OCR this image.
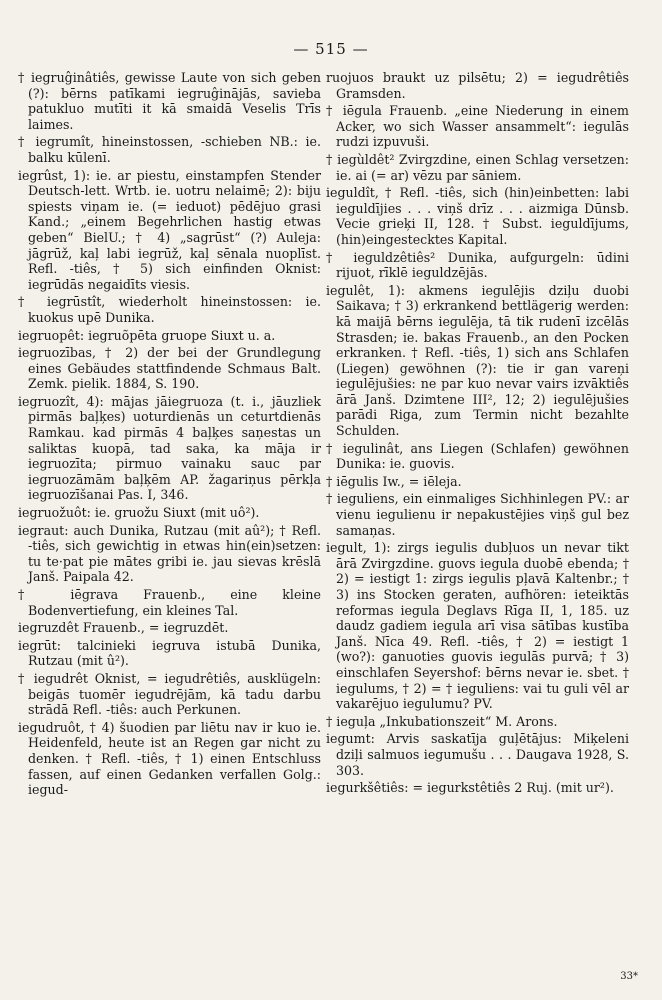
— 515 —

† iegruĝinâtiês, gewisse Laute von sich geben (?): bērns patīkami iegruĝinājās, savieba patukluo mutīti it kā smaidā Veselis Trīs laimes.

† iegrumît, hineinstossen, -schieben NB.: ie. balku kūlenī.

iegrûst, 1): ie. ar piestu, einstampfen Stender Deutsch-lett. Wrtb. ie. uotru nelaimē; 2): biju spiests viņam ie. (= ieduot) pēdējuo grasi Kand.; „einem Begehrlichen hastig etwas geben“ BielU.; † 4) „sagrūst“ (?) Auleja: jāgrūž, kaļ labi iegrūž, kaļ sēnala nuoplīst. Refl. -tiês, † 5) sich einfinden Oknist: iegrūdās negaidīts viesis.

† iegrūstît, wiederholt hineinstossen: ie. kuokus upē Dunika.

iegruopêt: iegruõpēta gruope Siuxt u. a.

iegruozības, † 2) der bei der Grundlegung eines Gebäudes stattfindende Schmaus Balt. Zemk. pielik. 1884, S. 190.

iegruozît, 4): mājas jāiegruoza (t. i., jāuzliek pirmās baļķes) uoturdienās un ceturtdienās Ramkau. kad pirmās 4 baļķes saņestas un saliktas kuopā, tad saka, ka māja ir iegruozīta; pirmuo vainaku sauc par iegruozāmām baļķēm AP. žagariņus pērkļa iegruozīšanai Pas. I, 346.

iegruožuôt: ie. gruožu Siuxt (mit uô²).

iegraut: auch Dunika, Rutzau (mit aû²); † Refl. -tiês, sich gewichtig in etwas hin(ein)setzen: tu te·pat pie mātes gribi ie. jau sievas krēslā Janš. Paipala 42.

† iēgrava Frauenb., eine kleine Bodenvertiefung, ein kleines Tal.

iegruzdêt Frauenb., = iegruzdēt.

iegrūt: talcinieki iegruva istubā Dunika, Rutzau (mit û²).

† iegudrêt Oknist, = iegudrêtiês, ausklügeln: beigās tuomēr iegudrējām, kā tadu darbu strādā Refl. -tiês: auch Perkunen.

iegudruôt, † 4) šuodien par liētu nav ir kuo ie. Heidenfeld, heute ist an Regen gar nicht zu denken. † Refl. -tiês, † 1) einen Entschluss fassen, auf einen Gedanken verfallen Golg.: iegud-

ruojuos braukt uz pilsētu; 2) = iegudrêtiês Gramsden.

† iēgula Frauenb. „eine Niederung in einem Acker, wo sich Wasser ansammelt“: iegulās rudzi izpuvuši.

† iegùldêt² Zvirgzdine, einen Schlag versetzen: ie. ai (= ar) vēzu par sāniem.

ieguldît, † Refl. -tiês, sich (hin)einbetten: labi ieguldījies . . . viņš drīz . . . aizmiga Dūnsb. Vecie grieķi II, 128. † Subst. ieguldījums, (hin)eingestecktes Kapital.

† ieguldzêtiês² Dunika, aufgurgeln: ūdini rijuot, rīklē ieguldzējās.

iegulêt, 1): akmens iegulējis dziļu duobi Saikava; † 3) erkrankend bettlägerig werden: kā maijā bērns iegulēja, tā tik rudenī izcēlās Strasden; ie. bakas Frauenb., an den Pocken erkranken. † Refl. -tiês, 1) sich ans Schlafen (Liegen) gewöhnen (?): tie ir gan vareņi iegulējušies: ne par kuo nevar vairs izvāktiês ārā Janš. Dzimtene III², 12; 2) iegulējušies parādi Riga, zum Termin nicht bezahlte Schulden.

† iegulinât, ans Liegen (Schlafen) gewöhnen Dunika: ie. guovis.

† iēgulis Iw., = iēleja.

† ieguliens, ein einmaliges Sichhinlegen PV.: ar vienu iegulienu ir nepakustējies viņš gul bez samaņas.

iegult, 1): zirgs iegulis dubļuos un nevar tikt ārā Zvirgzdine. guovs iegula duobē ebenda; † 2) = iestigt 1: zirgs iegulis pļavā Kaltenbr.; † 3) ins Stocken geraten, aufhören: ieteiktās reformas iegula Deglavs Rīga II, 1, 185. uz daudz gadiem iegula arī visa sātības kustība Janš. Nīca 49. Refl. -tiês, † 2) = iestigt 1 (wo?): ganuoties guovis iegulās purvā; † 3) einschlafen Seyershof: bērns nevar ie. sbet. † iegulums, † 2) = † ieguliens: vai tu guli vēl ar vakarējuo iegulumu? PV.

† ieguļa „Inkubationszeit“ M. Arons.

iegumt: Arvis saskatīja guļētājus: Miķeleni dziļi salmuos iegumušu . . . Daugava 1928, S. 303.

iegurkšêtiês: = iegurkstêtiês 2 Ruj. (mit ur²).

33*
